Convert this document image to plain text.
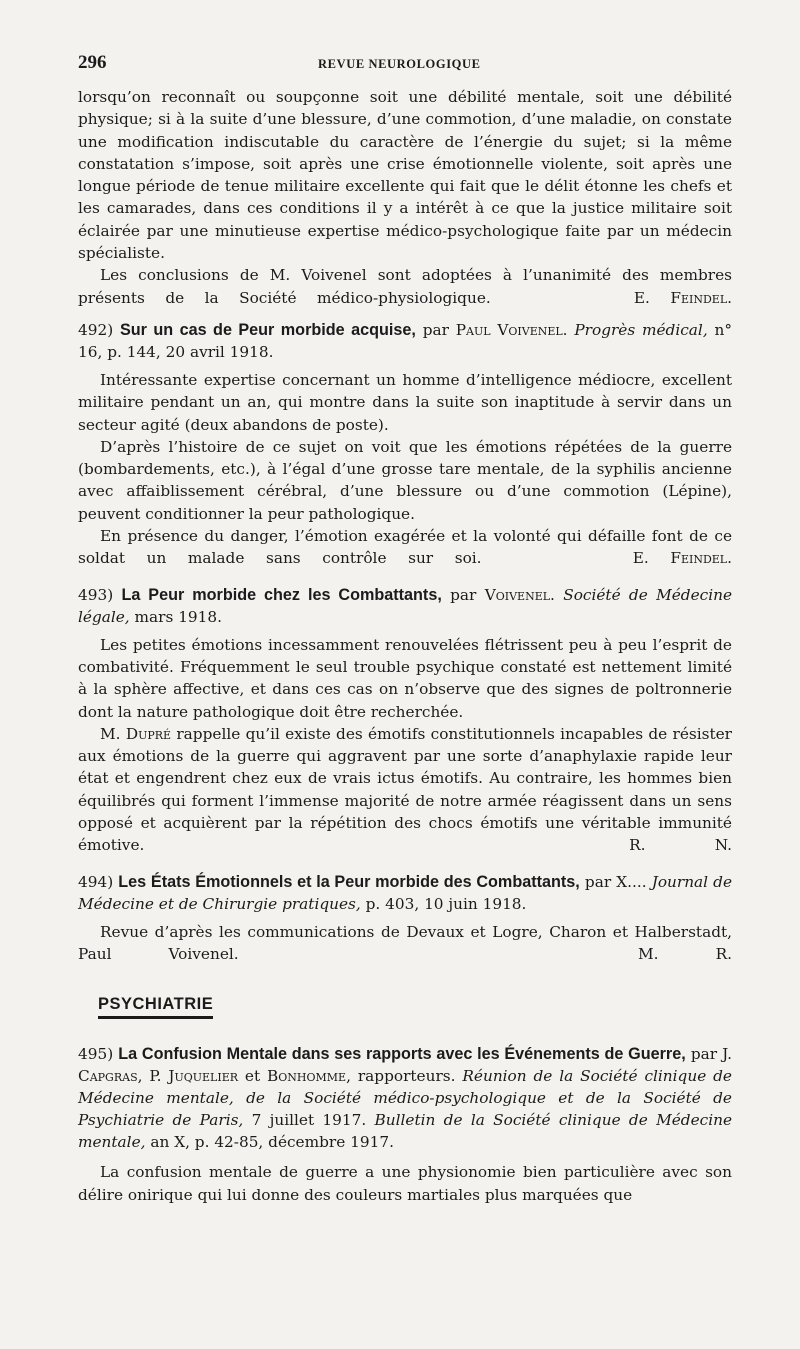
296	REVUE NEUROLOGIQUE

lorsqu’on reconnaît ou soupçonne soit une débilité mentale, soit une débilité physique; si à la suite d’une blessure, d’une commotion, d’une maladie, on constate une modification indiscutable du caractère de l’énergie du sujet; si la même constatation s’impose, soit après une crise émotionnelle violente, soit après une longue période de tenue militaire excellente qui fait que le délit étonne les chefs et les camarades, dans ces conditions il y a intérêt à ce que la justice militaire soit éclairée par une minutieuse expertise médico-psychologique faite par un médecin spécialiste.

Les conclusions de M. Voivenel sont adoptées à l’unanimité des membres présents de la Société médico-physiologique.	E. Feindel.

492) Sur un cas de Peur morbide acquise, par Paul Voivenel. Progrès médical, n° 16, p. 144, 20 avril 1918.

Intéressante expertise concernant un homme d’intelligence médiocre, excellent militaire pendant un an, qui montre dans la suite son inaptitude à servir dans un secteur agité (deux abandons de poste).

D’après l’histoire de ce sujet on voit que les émotions répétées de la guerre (bombardements, etc.), à l’égal d’une grosse tare mentale, de la syphilis ancienne avec affaiblissement cérébral, d’une blessure ou d’une commotion (Lépine), peuvent conditionner la peur pathologique.

En présence du danger, l’émotion exagérée et la volonté qui défaille font de ce soldat un malade sans contrôle sur soi.	E. Feindel.

493) La Peur morbide chez les Combattants, par Voivenel. Société de Médecine légale, mars 1918.

Les petites émotions incessamment renouvelées flétrissent peu à peu l’esprit de combativité. Fréquemment le seul trouble psychique constaté est nettement limité à la sphère affective, et dans ces cas on n’observe que des signes de poltronnerie dont la nature pathologique doit être recherchée.

M. Dupré rappelle qu’il existe des émotifs constitutionnels incapables de résister aux émotions de la guerre qui aggravent par une sorte d’anaphylaxie rapide leur état et engendrent chez eux de vrais ictus émotifs. Au contraire, les hommes bien équilibrés qui forment l’immense majorité de notre armée réagissent dans un sens opposé et acquièrent par la répétition des chocs émotifs une véritable immunité émotive.	R. N.

494) Les États Émotionnels et la Peur morbide des Combattants, par X.... Journal de Médecine et de Chirurgie pratiques, p. 403, 10 juin 1918.

Revue d’après les communications de Devaux et Logre, Charon et Halberstadt, Paul Voivenel.	M. R.

PSYCHIATRIE
495) La Confusion Mentale dans ses rapports avec les Événements de Guerre, par J. Capgras, P. Juquelier et Bonhomme, rapporteurs. Réunion de la Société clinique de Médecine mentale, de la Société médico-psychologique et de la Société de Psychiatrie de Paris, 7 juillet 1917. Bulletin de la Société clinique de Médecine mentale, an X, p. 42-85, décembre 1917.

La confusion mentale de guerre a une physionomie bien particulière avec son délire onirique qui lui donne des couleurs martiales plus marquées que
